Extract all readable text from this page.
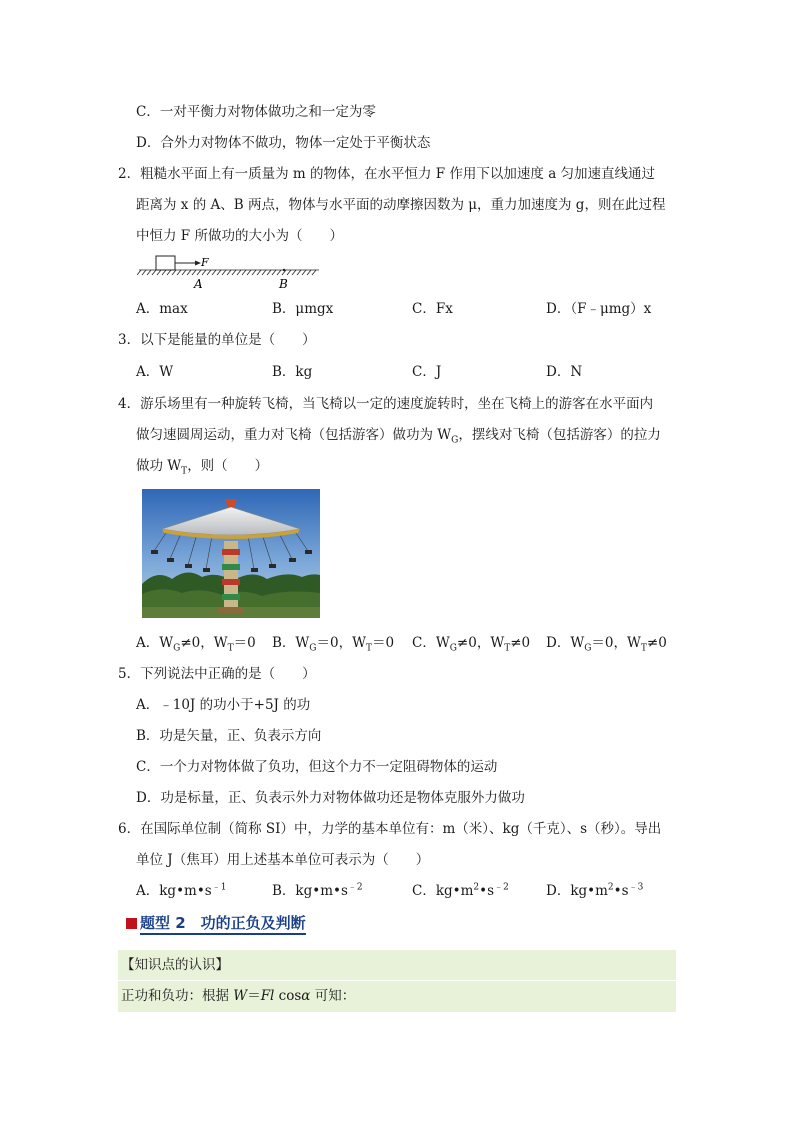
C．一对平衡力对物体做功之和一定为零
D．合外力对物体不做功，物体一定处于平衡状态
2．粗糙水平面上有一质量为 m 的物体，在水平恒力 F 作用下以加速度 a 匀加速直线通过
距离为 x 的 A、B 两点，物体与水平面的动摩擦因数为 μ，重力加速度为 g，则在此过程
中恒力 F 所做功的大小为（　　）
F
A	B
A．max	B．μmgx	C．Fx	D．（F﹣μmg）x
3．以下是能量的单位是（　　）
A．W	B．kg	C．J	D．N
4．游乐场里有一种旋转飞椅，当飞椅以一定的速度旋转时，坐在飞椅上的游客在水平面内
做匀速圆周运动，重力对飞椅（包括游客）做功为 $W_G$，摆线对飞椅（包括游客）的拉力
做功 $W_T$，则（　　）
A．$W_G\ne 0$，$W_T=0$ B．$W_G=0$，$W_T=0$ C．$W_G\ne 0$，$W_T\ne 0$ D．$W_G=0$，$W_T\ne 0$
5．下列说法中正确的是（　　）
A．﹣10J 的功小于+5J 的功
B．功是矢量，正、负表示方向
C．一个力对物体做了负功，但这个力不一定阻碍物体的运动
D．功是标量，正、负表示外力对物体做功还是物体克服外力做功
6．在国际单位制（简称 SI）中，力学的基本单位有：m（米）、kg（千克）、s（秒）。导出
单位 J（焦耳）用上述基本单位可表示为（　　）
A．$kg•m•s^{﹣1}$	B．$kg•m•s^{﹣2}$	C．$kg•m^2•s^{﹣2}$	D．$kg•m^2•s^{﹣3}$
题型 2　功的正负及判断
【知识点的认识】
正功和负功：根据 W＝Fl cosα 可知：
